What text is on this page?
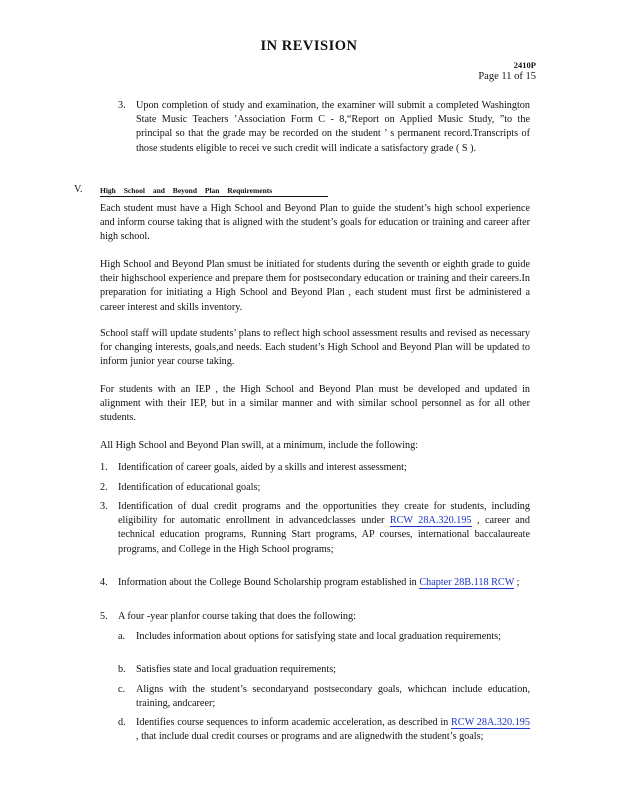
IN REVISION
2410P
Page 11 of 15
3. Upon completion of study and examination, the examiner will submit a completed Washington State Music Teachers ’Association Form C - 8,“Report on Applied Music Study, ”to the principal so that the grade may be recorded on the student ’ s permanent record.Transcripts of those students eligible to recei ve such credit will indicate a satisfactory grade ( S ).
V. High School and Beyond Plan Requirements
Each student must have a High School and Beyond Plan to guide the student’s high school experience and inform course taking that is aligned with the student’s goals for education or training and career after high school.
High School and Beyond Plan smust be initiated for students during the seventh or eighth grade to guide their highschool experience and prepare them for postsecondary education or training and their careers.In preparation for initiating a High School and Beyond Plan , each student must first be administered a career interest and skills inventory.
School staff will update students’ plans to reflect high school assessment results and revised as necessary for changing interests, goals,and needs. Each student’s High School and Beyond Plan will be updated to inform junior year course taking.
For students with an IEP , the High School and Beyond Plan must be developed and updated in alignment with their IEP, but in a similar manner and with similar school personnel as for all other students.
All High School and Beyond Plan swill, at a minimum, include the following:
1. Identification of career goals, aided by a skills and interest assessment;
2. Identification of educational goals;
3. Identification of dual credit programs and the opportunities they create for students, including eligibility for automatic enrollment in advancedclasses under RCW 28A.320.195 , career and technical education programs, Running Start programs, AP courses, international baccalaureate programs, and College in the High School programs;
4. Information about the College Bound Scholarship program established in Chapter 28B.118 RCW ;
5. A four -year planfor course taking that does the following:
a. Includes information about options for satisfying state and local graduation requirements;
b. Satisfies state and local graduation requirements;
c. Aligns with the student’s secondaryand postsecondary goals, whichcan include education, training, andcareer;
d. Identifies course sequences to inform academic acceleration, as described in RCW 28A.320.195 , that include dual credit courses or programs and are alignedwith the student’s goals;
